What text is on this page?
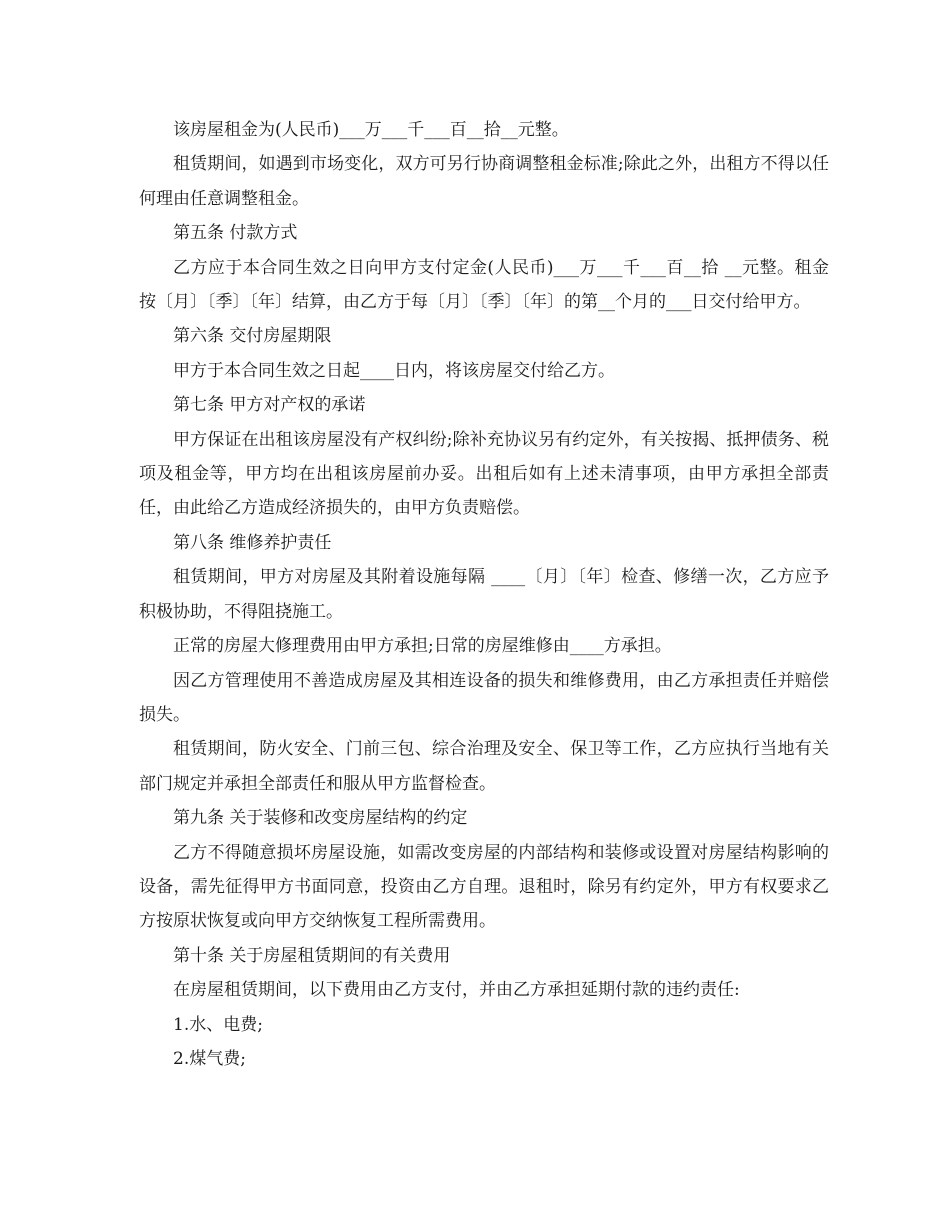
该房屋租金为(人民币)___万___千___百__拾__元整。

租赁期间，如遇到市场变化，双方可另行协商调整租金标准;除此之外，出租方不得以任何理由任意调整租金。

第五条 付款方式

乙方应于本合同生效之日向甲方支付定金(人民币)___万___千___百__拾 __元整。租金按〔月〕〔季〕〔年〕结算，由乙方于每〔月〕〔季〕〔年〕的第__个月的___日交付给甲方。

第六条 交付房屋期限

甲方于本合同生效之日起____日内，将该房屋交付给乙方。

第七条 甲方对产权的承诺

甲方保证在出租该房屋没有产权纠纷;除补充协议另有约定外，有关按揭、抵押债务、税项及租金等，甲方均在出租该房屋前办妥。出租后如有上述未清事项，由甲方承担全部责任，由此给乙方造成经济损失的，由甲方负责赔偿。

第八条 维修养护责任

租赁期间，甲方对房屋及其附着设施每隔 ____〔月〕〔年〕检查、修缮一次，乙方应予积极协助，不得阻挠施工。

正常的房屋大修理费用由甲方承担;日常的房屋维修由____方承担。

因乙方管理使用不善造成房屋及其相连设备的损失和维修费用，由乙方承担责任并赔偿损失。

租赁期间，防火安全、门前三包、综合治理及安全、保卫等工作，乙方应执行当地有关部门规定并承担全部责任和服从甲方监督检查。

第九条 关于装修和改变房屋结构的约定

乙方不得随意损坏房屋设施，如需改变房屋的内部结构和装修或设置对房屋结构影响的设备，需先征得甲方书面同意，投资由乙方自理。退租时，除另有约定外，甲方有权要求乙方按原状恢复或向甲方交纳恢复工程所需费用。

第十条 关于房屋租赁期间的有关费用

在房屋租赁期间，以下费用由乙方支付，并由乙方承担延期付款的违约责任:

1.水、电费;

2.煤气费;
